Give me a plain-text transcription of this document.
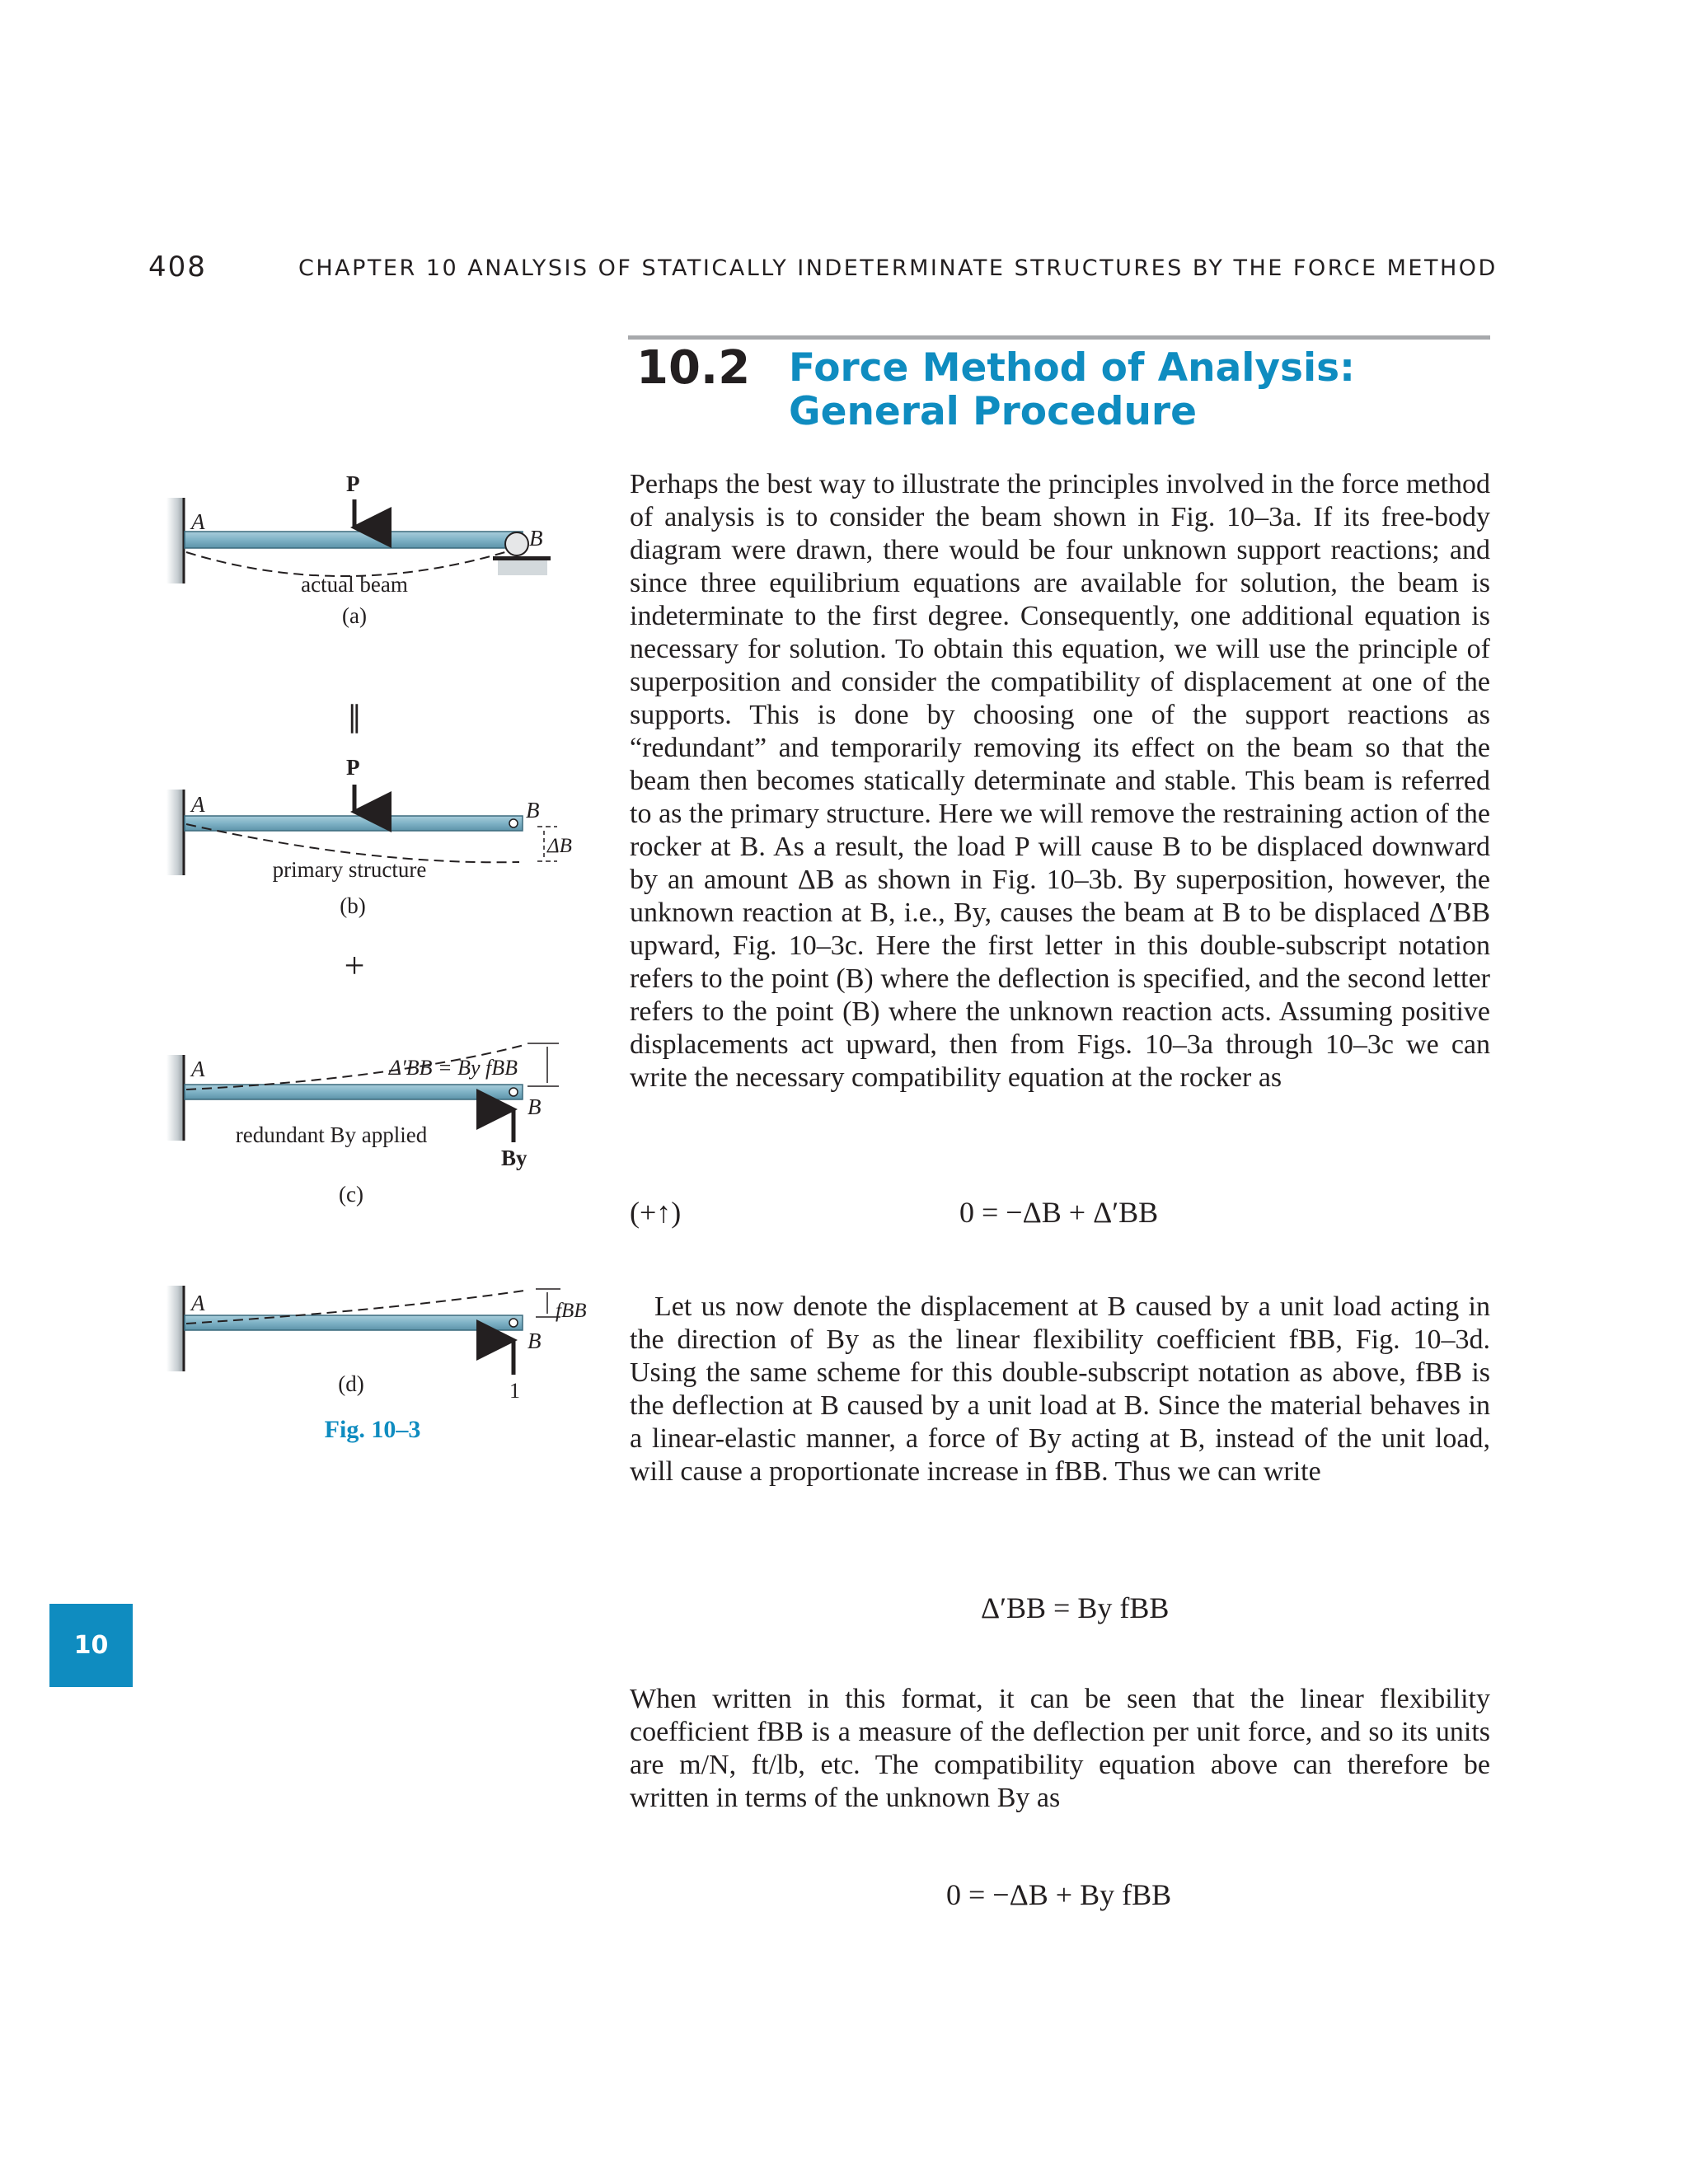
408	CHAPTER 10 ANALYSIS OF STATICALLY INDETERMINATE STRUCTURES BY THE FORCE METHOD
10.2 Force Method of Analysis:
General Procedure
Perhaps the best way to illustrate the principles involved in the force method of analysis is to consider the beam shown in Fig. 10–3a. If its free-body diagram were drawn, there would be four unknown support reactions; and since three equilibrium equations are available for solution, the beam is indeterminate to the first degree. Consequently, one additional equation is necessary for solution. To obtain this equation, we will use the principle of superposition and consider the compatibility of displacement at one of the supports. This is done by choosing one of the support reactions as “redundant” and temporarily removing its effect on the beam so that the beam then becomes statically determinate and stable. This beam is referred to as the primary structure. Here we will remove the restraining action of the rocker at B. As a result, the load P will cause B to be displaced downward by an amount ΔB as shown in Fig. 10–3b. By superposition, however, the unknown reaction at B, i.e., By, causes the beam at B to be displaced Δ′BB upward, Fig. 10–3c. Here the first letter in this double-subscript notation refers to the point (B) where the deflection is specified, and the second letter refers to the point (B) where the unknown reaction acts. Assuming positive displacements act upward, then from Figs. 10–3a through 10–3c we can write the necessary compatibility equation at the rocker as
(+↑)	0 = −ΔB + Δ′BB
Let us now denote the displacement at B caused by a unit load acting in the direction of By as the linear flexibility coefficient fBB, Fig. 10–3d. Using the same scheme for this double-subscript notation as above, fBB is the deflection at B caused by a unit load at B. Since the material behaves in a linear-elastic manner, a force of By acting at B, instead of the unit load, will cause a proportionate increase in fBB. Thus we can write
Δ′BB = By fBB
When written in this format, it can be seen that the linear flexibility coefficient fBB is a measure of the deflection per unit force, and so its units are m/N, ft/lb, etc. The compatibility equation above can therefore be written in terms of the unknown By as
0 = −ΔB + By fBB
10
P
A
B
actual beam
(a)
∥
P
A	B
ΔB
primary structure
(b)
+
A
B
Δ′BB = By fBB
redundant By applied
By
(c)
A
B
fBB
1
(d)
Fig. 10–3
